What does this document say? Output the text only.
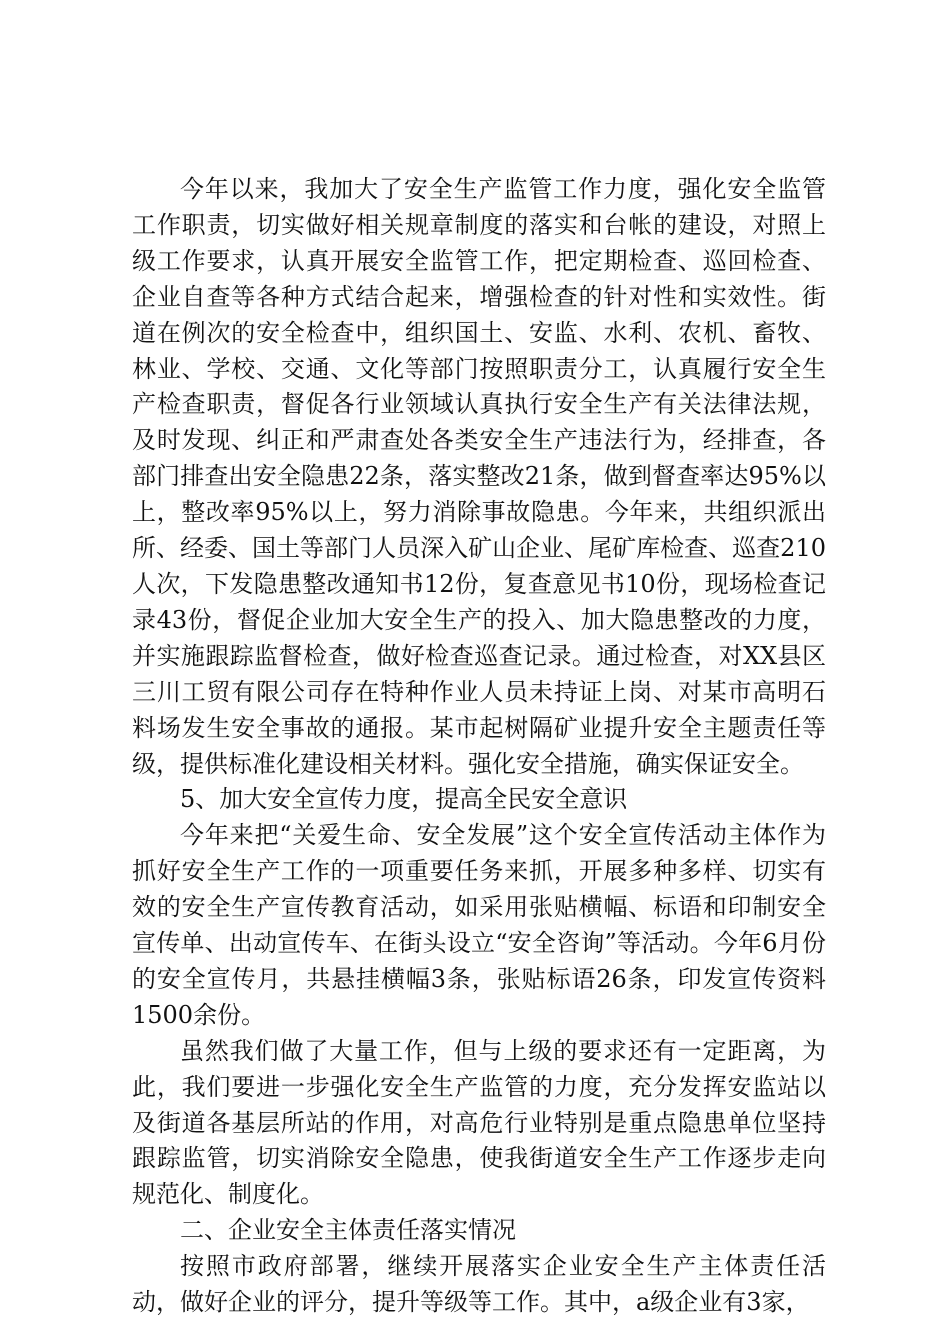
今年以来，我加大了安全生产监管工作力度，强化安全监管工作职责，切实做好相关规章制度的落实和台帐的建设，对照上级工作要求，认真开展安全监管工作，把定期检查、巡回检查、企业自查等各种方式结合起来，增强检查的针对性和实效性。街道在例次的安全检查中，组织国土、安监、水利、农机、畜牧、林业、学校、交通、文化等部门按照职责分工，认真履行安全生产检查职责，督促各行业领域认真执行安全生产有关法律法规，及时发现、纠正和严肃查处各类安全生产违法行为，经排查，各部门排查出安全隐患22条，落实整改21条，做到督查率达95%以上，整改率95%以上，努力消除事故隐患。今年来，共组织派出所、经委、国土等部门人员深入矿山企业、尾矿库检查、巡查210人次，下发隐患整改通知书12份，复查意见书10份，现场检查记录43份，督促企业加大安全生产的投入、加大隐患整改的力度，并实施跟踪监督检查，做好检查巡查记录。通过检查，对XX县区三川工贸有限公司存在特种作业人员未持证上岗、对某市高明石料场发生安全事故的通报。某市起树隔矿业提升安全主题责任等级，提供标准化建设相关材料。强化安全措施，确实保证安全。

5、加大安全宣传力度，提高全民安全意识

今年来把“关爱生命、安全发展”这个安全宣传活动主体作为抓好安全生产工作的一项重要任务来抓，开展多种多样、切实有效的安全生产宣传教育活动，如采用张贴横幅、标语和印制安全宣传单、出动宣传车、在街头设立“安全咨询”等活动。今年6月份的安全宣传月，共悬挂横幅3条，张贴标语26条，印发宣传资料1500余份。

虽然我们做了大量工作，但与上级的要求还有一定距离，为此，我们要进一步强化安全生产监管的力度，充分发挥安监站以及街道各基层所站的作用，对高危行业特别是重点隐患单位坚持跟踪监管，切实消除安全隐患，使我街道安全生产工作逐步走向规范化、制度化。

二、企业安全主体责任落实情况

按照市政府部署，继续开展落实企业安全生产主体责任活动，做好企业的评分，提升等级等工作。其中，a级企业有3家，
